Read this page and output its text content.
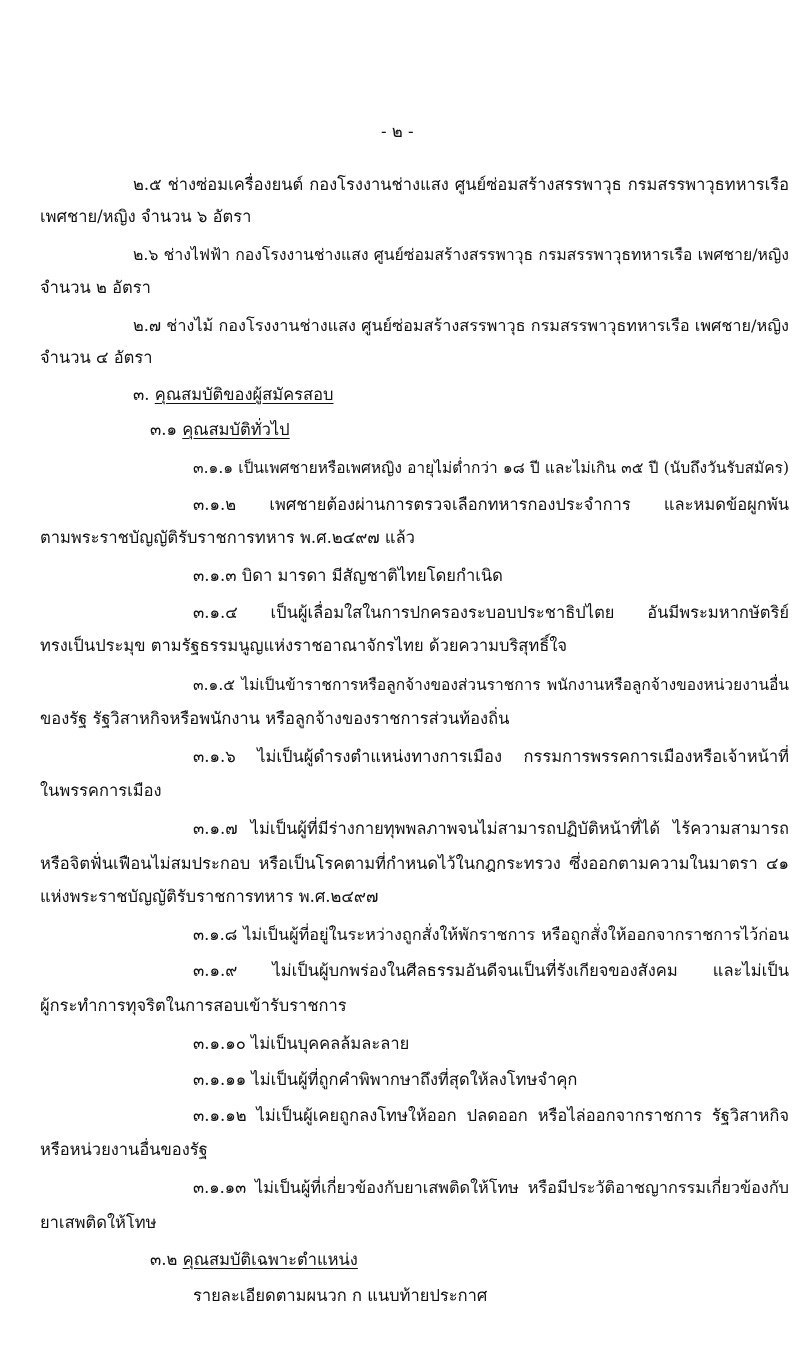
- ๒ -
๒.๕ ช่างซ่อมเครื่องยนต์ กองโรงงานช่างแสง ศูนย์ซ่อมสร้างสรรพาวุธ กรมสรรพาวุธทหารเรือ
เพศชาย/หญิง จำนวน ๖ อัตรา
๒.๖ ช่างไฟฟ้า กองโรงงานช่างแสง ศูนย์ซ่อมสร้างสรรพาวุธ กรมสรรพาวุธทหารเรือ เพศชาย/หญิง
จำนวน ๒ อัตรา
๒.๗ ช่างไม้ กองโรงงานช่างแสง ศูนย์ซ่อมสร้างสรรพาวุธ กรมสรรพาวุธทหารเรือ เพศชาย/หญิง
จำนวน ๔ อัตรา
๓. คุณสมบัติของผู้สมัครสอบ
๓.๑ คุณสมบัติทั่วไป
๓.๑.๑ เป็นเพศชายหรือเพศหญิง อายุไม่ต่ำกว่า ๑๘ ปี และไม่เกิน ๓๕ ปี (นับถึงวันรับสมัคร)
๓.๑.๒ เพศชายต้องผ่านการตรวจเลือกทหารกองประจำการ และหมดข้อผูกพัน
ตามพระราชบัญญัติรับราชการทหาร พ.ศ.๒๔๙๗ แล้ว
๓.๑.๓ บิดา มารดา มีสัญชาติไทยโดยกำเนิด
๓.๑.๔ เป็นผู้เลื่อมใสในการปกครองระบอบประชาธิปไตย อันมีพระมหากษัตริย์
ทรงเป็นประมุข ตามรัฐธรรมนูญแห่งราชอาณาจักรไทย ด้วยความบริสุทธิ์ใจ
๓.๑.๕ ไม่เป็นข้าราชการหรือลูกจ้างของส่วนราชการ พนักงานหรือลูกจ้างของหน่วยงานอื่น
ของรัฐ รัฐวิสาหกิจหรือพนักงาน หรือลูกจ้างของราชการส่วนท้องถิ่น
๓.๑.๖ ไม่เป็นผู้ดำรงตำแหน่งทางการเมือง กรรมการพรรคการเมืองหรือเจ้าหน้าที่
ในพรรคการเมือง
๓.๑.๗ ไม่เป็นผู้ที่มีร่างกายทุพพลภาพจนไม่สามารถปฏิบัติหน้าที่ได้ ไร้ความสามารถ
หรือจิตฟั่นเฟือนไม่สมประกอบ หรือเป็นโรคตามที่กำหนดไว้ในกฎกระทรวง ซึ่งออกตามความในมาตรา ๔๑
แห่งพระราชบัญญัติรับราชการทหาร พ.ศ.๒๔๙๗
๓.๑.๘ ไม่เป็นผู้ที่อยู่ในระหว่างถูกสั่งให้พักราชการ หรือถูกสั่งให้ออกจากราชการไว้ก่อน
๓.๑.๙ ไม่เป็นผู้บกพร่องในศีลธรรมอันดีจนเป็นที่รังเกียจของสังคม และไม่เป็น
ผู้กระทำการทุจริตในการสอบเข้ารับราชการ
๓.๑.๑๐ ไม่เป็นบุคคลล้มละลาย
๓.๑.๑๑ ไม่เป็นผู้ที่ถูกคำพิพากษาถึงที่สุดให้ลงโทษจำคุก
๓.๑.๑๒ ไม่เป็นผู้เคยถูกลงโทษให้ออก ปลดออก หรือไล่ออกจากราชการ รัฐวิสาหกิจ
หรือหน่วยงานอื่นของรัฐ
๓.๑.๑๓ ไม่เป็นผู้ที่เกี่ยวข้องกับยาเสพติดให้โทษ หรือมีประวัติอาชญากรรมเกี่ยวข้องกับ
ยาเสพติดให้โทษ
๓.๒ คุณสมบัติเฉพาะตำแหน่ง
รายละเอียดตามผนวก ก แนบท้ายประกาศ
